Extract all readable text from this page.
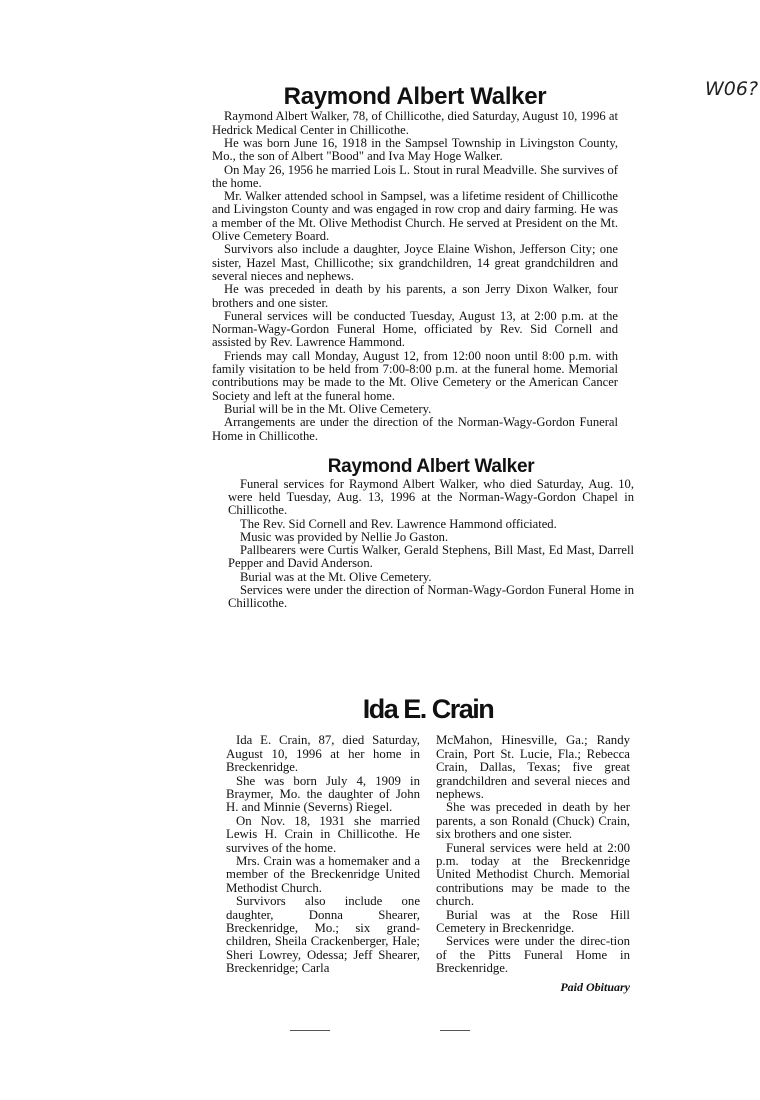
W06?
Raymond Albert Walker

Raymond Albert Walker, 78, of Chillicothe, died Saturday, August 10, 1996 at Hedrick Medical Center in Chillicothe.

He was born June 16, 1918 in the Sampsel Township in Livingston County, Mo., the son of Albert "Bood" and Iva May Hoge Walker.

On May 26, 1956 he married Lois L. Stout in rural Meadville. She survives of the home.

Mr. Walker attended school in Sampsel, was a lifetime resident of Chillicothe and Livingston County and was engaged in row crop and dairy farming. He was a member of the Mt. Olive Methodist Church. He served at President on the Mt. Olive Cemetery Board.

Survivors also include a daughter, Joyce Elaine Wishon, Jefferson City; one sister, Hazel Mast, Chillicothe; six grandchildren, 14 great grandchildren and several nieces and nephews.

He was preceded in death by his parents, a son Jerry Dixon Walker, four brothers and one sister.

Funeral services will be conducted Tuesday, August 13, at 2:00 p.m. at the Norman-Wagy-Gordon Funeral Home, officiated by Rev. Sid Cornell and assisted by Rev. Lawrence Hammond.

Friends may call Monday, August 12, from 12:00 noon until 8:00 p.m. with family visitation to be held from 7:00-8:00 p.m. at the funeral home. Memorial contributions may be made to the Mt. Olive Cemetery or the American Cancer Society and left at the funeral home.

Burial will be in the Mt. Olive Cemetery.

Arrangements are under the direction of the Norman-Wagy-Gordon Funeral Home in Chillicothe.

Raymond Albert Walker

Funeral services for Raymond Albert Walker, who died Saturday, Aug. 10, were held Tuesday, Aug. 13, 1996 at the Norman-Wagy-Gordon Chapel in Chillicothe.

The Rev. Sid Cornell and Rev. Lawrence Hammond officiated.

Music was provided by Nellie Jo Gaston.

Pallbearers were Curtis Walker, Gerald Stephens, Bill Mast, Ed Mast, Darrell Pepper and David Anderson.

Burial was at the Mt. Olive Cemetery.

Services were under the direction of Norman-Wagy-Gordon Funeral Home in Chillicothe.

Ida E. Crain

Ida E. Crain, 87, died Saturday, August 10, 1996 at her home in Breckenridge.

She was born July 4, 1909 in Braymer, Mo. the daughter of John H. and Minnie (Severns) Riegel.

On Nov. 18, 1931 she married Lewis H. Crain in Chillicothe. He survives of the home.

Mrs. Crain was a homemaker and a member of the Breckenridge United Methodist Church.

Survivors also include one daughter, Donna Shearer, Breckenridge, Mo.; six grand-children, Sheila Crackenberger, Hale; Sheri Lowrey, Odessa; Jeff Shearer, Breckenridge; Carla

McMahon, Hinesville, Ga.; Randy Crain, Port St. Lucie, Fla.; Rebecca Crain, Dallas, Texas; five great grandchildren and several nieces and nephews.

She was preceded in death by her parents, a son Ronald (Chuck) Crain, six brothers and one sister.

Funeral services were held at 2:00 p.m. today at the Breckenridge United Methodist Church. Memorial contributions may be made to the church.

Burial was at the Rose Hill Cemetery in Breckenridge.

Services were under the direc-tion of the Pitts Funeral Home in Breckenridge.

Paid Obituary
